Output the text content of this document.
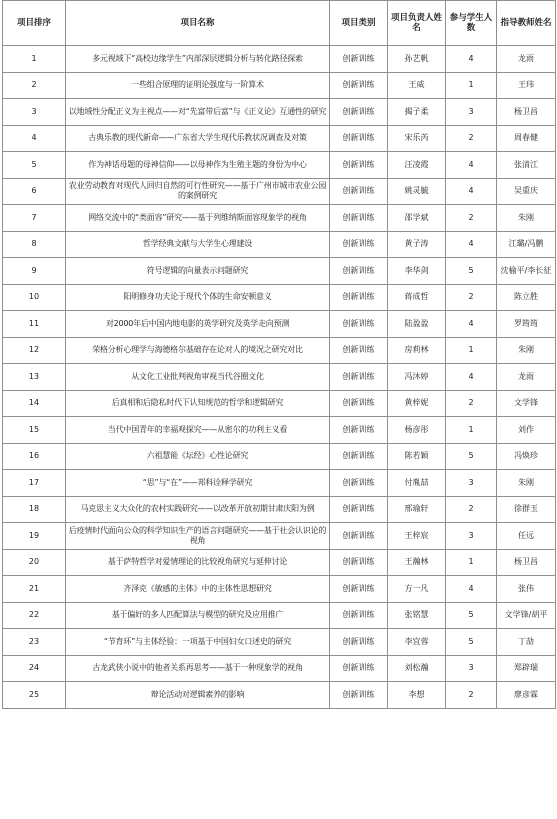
项目排序	项目名称	项目类别	项目负责人姓名	参与学生人数	指导教师姓名
1	多元视域下“高校边缘学生”内部深层逻辑分析与转化路径探索	创新训练	孙艺帆	4	龙雨
2	一些组合原理的证明论强度与一阶算术	创新训练	王威	1	王玮
3	以地域性分配正义为主视点——对“先富带后富”与《正义论》互通性的研究	创新训练	揭子柔	3	杨卫昌
4	古典乐教的现代新命——广东省大学生现代乐教状况调查及对策	创新训练	宋乐芮	2	周春健
5	作为神话母题的母神信仰——以母神作为生殖主题的身份为中心	创新训练	汪凌霞	4	张清江
6	农业劳动教育对现代人回归自然的可行性研究——基于广州市城市农业公园的案例研究	创新训练	姚灵毓	4	吴重庆
7	网络交流中的“类面容”研究——基于列维纳斯面容现象学的视角	创新训练	邵学斌	2	朱刚
8	哲学经典文献与大学生心理建设	创新训练	黄子涛	4	江璐/冯鹏
9	符号逻辑的向量表示问题研究	创新训练	李华剑	5	沈榆平/李长征
10	阳明修身功夫论于现代个体的生命安顿意义	创新训练	蒋成哲	2	陈立胜
11	对2000年后中国内地电影的英学研究及英学走向预测	创新训练	陆盈盈	4	罗筠筠
12	荣格分析心理学与海德格尔基础存在论对人的境况之研究对比	创新训练	房莉林	1	朱刚
13	从文化工业批判视角审视当代谷圈文化	创新训练	冯沐婷	4	龙雨
14	后真相和后隐私时代下认知规范的哲学和逻辑研究	创新训练	黄梓妮	2	文学锋
15	当代中国青年的幸福观探究——从密尔的功利主义看	创新训练	杨彦彤	1	刘作
16	六祖慧能《坛经》心性论研究	创新训练	陈若颖	5	冯焕珍
17	“思”与“在”——邦科诠释学研究	创新训练	付胤喆	3	朱刚
18	马克思主义大众化的农村实践研究——以改革开放初期甘肃庆阳为例	创新训练	邢瑜轩	2	徐群玉
19	后疫情时代面向公众的科学知识生产的语言问题研究——基于社会认识论的视角	创新训练	王梓宸	3	任远
20	基于萨特哲学对爱情理论的比较视角研究与延伸讨论	创新训练	王瀚林	1	杨卫昌
21	齐泽克《敏感的主体》中的主体性思想研究	创新训练	方一凡	4	张伟
22	基于偏好的多人匹配算法与模型的研究及应用推广	创新训练	张铭慧	5	文学锋/胡平
23	“节育环”与主体经验：一项基于中国妇女口述史的研究	创新训练	李宜蓉	5	丁劼
24	古龙武侠小说中的他者关系再思考——基于一种现象学的视角	创新训练	刘松瀚	3	郑辟瑞
25	辩论活动对逻辑素养的影响	创新训练	李想	2	廖彦霖
